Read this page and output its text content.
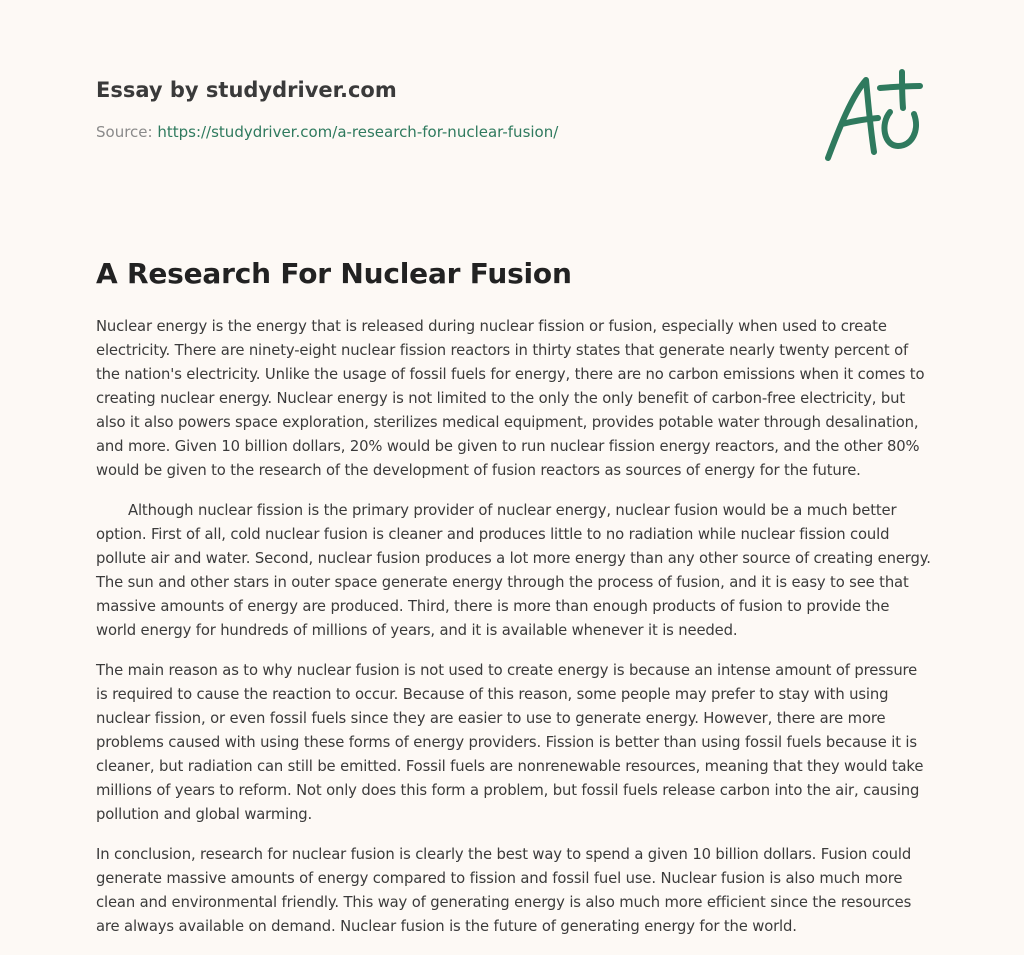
Essay by studydriver.com
Source: https://studydriver.com/a-research-for-nuclear-fusion/
A Research For Nuclear Fusion

Nuclear energy is the energy that is released during nuclear fission or fusion, especially when used to create electricity. There are ninety-eight nuclear fission reactors in thirty states that generate nearly twenty percent of the nation's electricity. Unlike the usage of fossil fuels for energy, there are no carbon emissions when it comes to creating nuclear energy. Nuclear energy is not limited to the only the only benefit of carbon-free electricity, but also it also powers space exploration, sterilizes medical equipment, provides potable water through desalination, and more. Given 10 billion dollars, 20% would be given to run nuclear fission energy reactors, and the other 80% would be given to the research of the development of fusion reactors as sources of energy for the future.

Although nuclear fission is the primary provider of nuclear energy, nuclear fusion would be a much better option. First of all, cold nuclear fusion is cleaner and produces little to no radiation while nuclear fission could pollute air and water. Second, nuclear fusion produces a lot more energy than any other source of creating energy. The sun and other stars in outer space generate energy through the process of fusion, and it is easy to see that massive amounts of energy are produced. Third, there is more than enough products of fusion to provide the world energy for hundreds of millions of years, and it is available whenever it is needed.

The main reason as to why nuclear fusion is not used to create energy is because an intense amount of pressure is required to cause the reaction to occur. Because of this reason, some people may prefer to stay with using nuclear fission, or even fossil fuels since they are easier to use to generate energy. However, there are more problems caused with using these forms of energy providers. Fission is better than using fossil fuels because it is cleaner, but radiation can still be emitted. Fossil fuels are nonrenewable resources, meaning that they would take millions of years to reform. Not only does this form a problem, but fossil fuels release carbon into the air, causing pollution and global warming.

In conclusion, research for nuclear fusion is clearly the best way to spend a given 10 billion dollars. Fusion could generate massive amounts of energy compared to fission and fossil fuel use. Nuclear fusion is also much more clean and environmental friendly. This way of generating energy is also much more efficient since the resources are always available on demand. Nuclear fusion is the future of generating energy for the world.
